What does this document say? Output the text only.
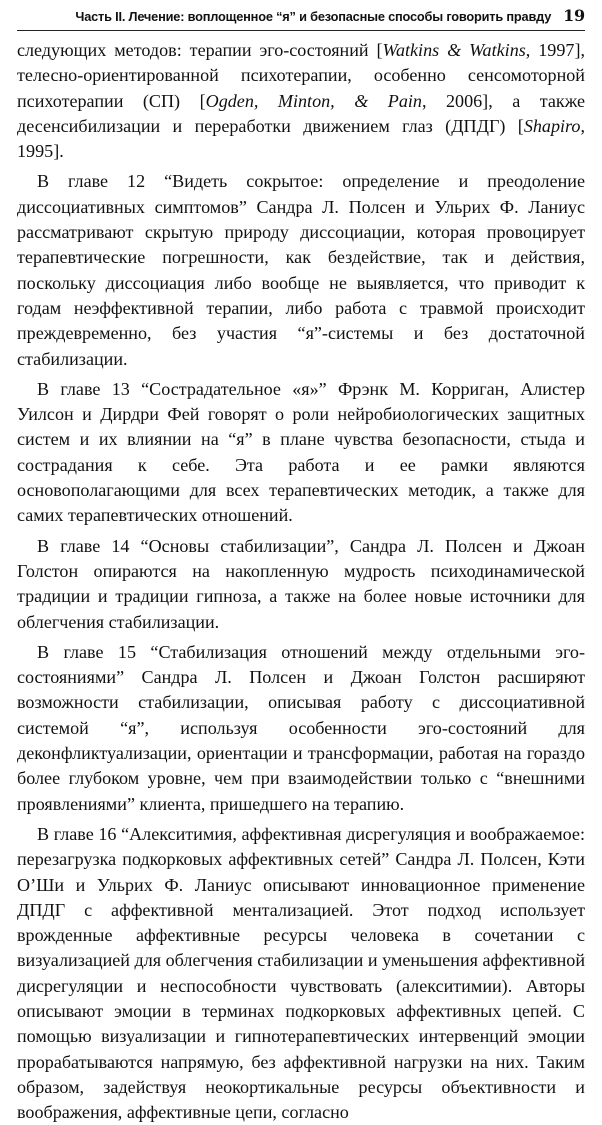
Часть II. Лечение: воплощенное “я” и безопасные способы говорить правду 19

следующих методов: терапии эго-состояний [Watkins & Watkins, 1997], телесно-ориентированной психотерапии, особенно сенсомоторной психотерапии (СП) [Ogden, Minton, & Pain, 2006], а также десенсибилизации и переработки движением глаз (ДПДГ) [Shapiro, 1995].

В главе 12 “Видеть сокрытое: определение и преодоление диссоциативных симптомов” Сандра Л. Полсен и Ульрих Ф. Ланиус рассматривают скрытую природу диссоциации, которая провоцирует терапевтические погрешности, как бездействие, так и действия, поскольку диссоциация либо вообще не выявляется, что приводит к годам неэффективной терапии, либо работа с травмой происходит преждевременно, без участия “я”-системы и без достаточной стабилизации.

В главе 13 “Сострадательное «я»” Фрэнк М. Корриган, Алистер Уилсон и Дирдри Фей говорят о роли нейробиологических защитных систем и их влиянии на “я” в плане чувства безопасности, стыда и сострадания к себе. Эта работа и ее рамки являются основополагающими для всех терапевтических методик, а также для самих терапевтических отношений.

В главе 14 “Основы стабилизации”, Сандра Л. Полсен и Джоан Голстон опираются на накопленную мудрость психодинамической традиции и традиции гипноза, а также на более новые источники для облегчения стабилизации.

В главе 15 “Стабилизация отношений между отдельными эго-состояниями” Сандра Л. Полсен и Джоан Голстон расширяют возможности стабилизации, описывая работу с диссоциативной системой “я”, используя особенности эго-состояний для деконфликтуализации, ориентации и трансформации, работая на гораздо более глубоком уровне, чем при взаимодействии только с “внешними проявлениями” клиента, пришедшего на терапию.

В главе 16 “Алекситимия, аффективная дисрегуляция и воображаемое: перезагрузка подкорковых аффективных сетей” Сандра Л. Полсен, Кэти О’Ши и Ульрих Ф. Ланиус описывают инновационное применение ДПДГ с аффективной ментализацией. Этот подход использует врожденные аффективные ресурсы человека в сочетании с визуализацией для облегчения стабилизации и уменьшения аффективной дисрегуляции и неспособности чувствовать (алекситимии). Авторы описывают эмоции в терминах подкорковых аффективных цепей. С помощью визуализации и гипнотерапевтических интервенций эмоции прорабатываются напрямую, без аффективной нагрузки на них. Таким образом, задействуя неокортикальные ресурсы объективности и воображения, аффективные цепи, согласно
